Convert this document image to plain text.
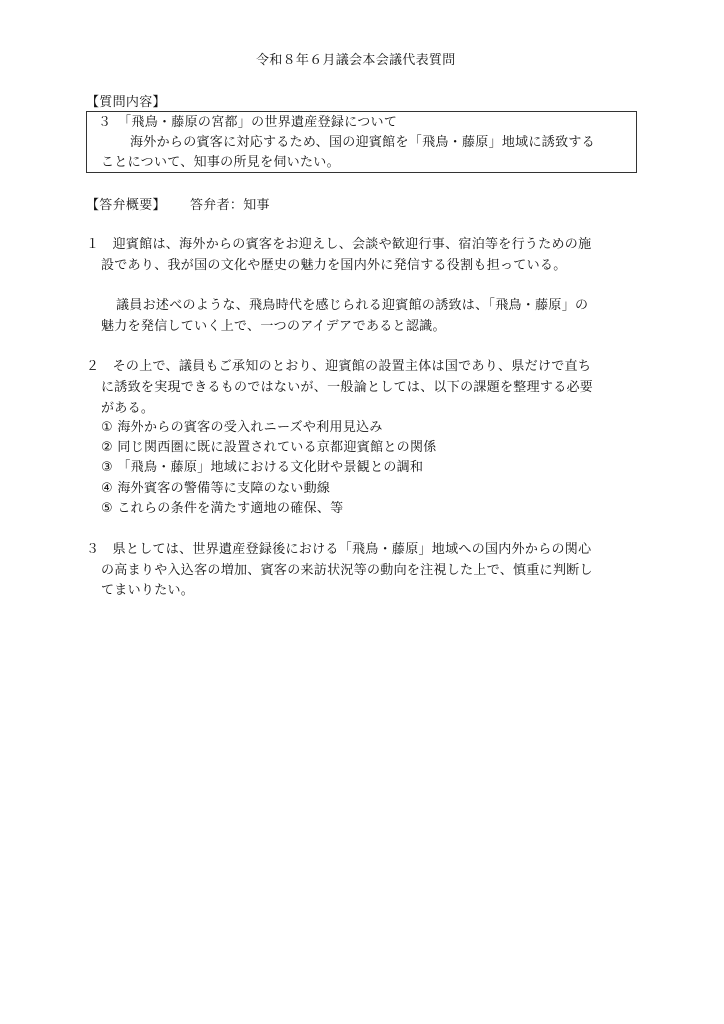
令和８年６月議会本会議代表質問
【質問内容】
３　「飛鳥・藤原の宮都」の世界遺産登録について
海外からの賓客に対応するため、国の迎賓館を「飛鳥・藤原」地域に誘致する
ことについて、知事の所見を伺いたい。
【答弁概要】 答弁者：知事
１　迎賓館は、海外からの賓客をお迎えし、会談や歓迎行事、宿泊等を行うための施
設であり、我が国の文化や歴史の魅力を国内外に発信する役割も担っている。
議員お述べのような、飛鳥時代を感じられる迎賓館の誘致は、「飛鳥・藤原」の
魅力を発信していく上で、一つのアイデアであると認識。
２　その上で、議員もご承知のとおり、迎賓館の設置主体は国であり、県だけで直ち
に誘致を実現できるものではないが、一般論としては、以下の課題を整理する必要
がある。
① 海外からの賓客の受入れニーズや利用見込み
② 同じ関西圏に既に設置されている京都迎賓館との関係
③ 「飛鳥・藤原」地域における文化財や景観との調和
④ 海外賓客の警備等に支障のない動線
⑤ これらの条件を満たす適地の確保、等
３　県としては、世界遺産登録後における「飛鳥・藤原」地域への国内外からの関心
の高まりや入込客の増加、賓客の来訪状況等の動向を注視した上で、慎重に判断し
てまいりたい。
